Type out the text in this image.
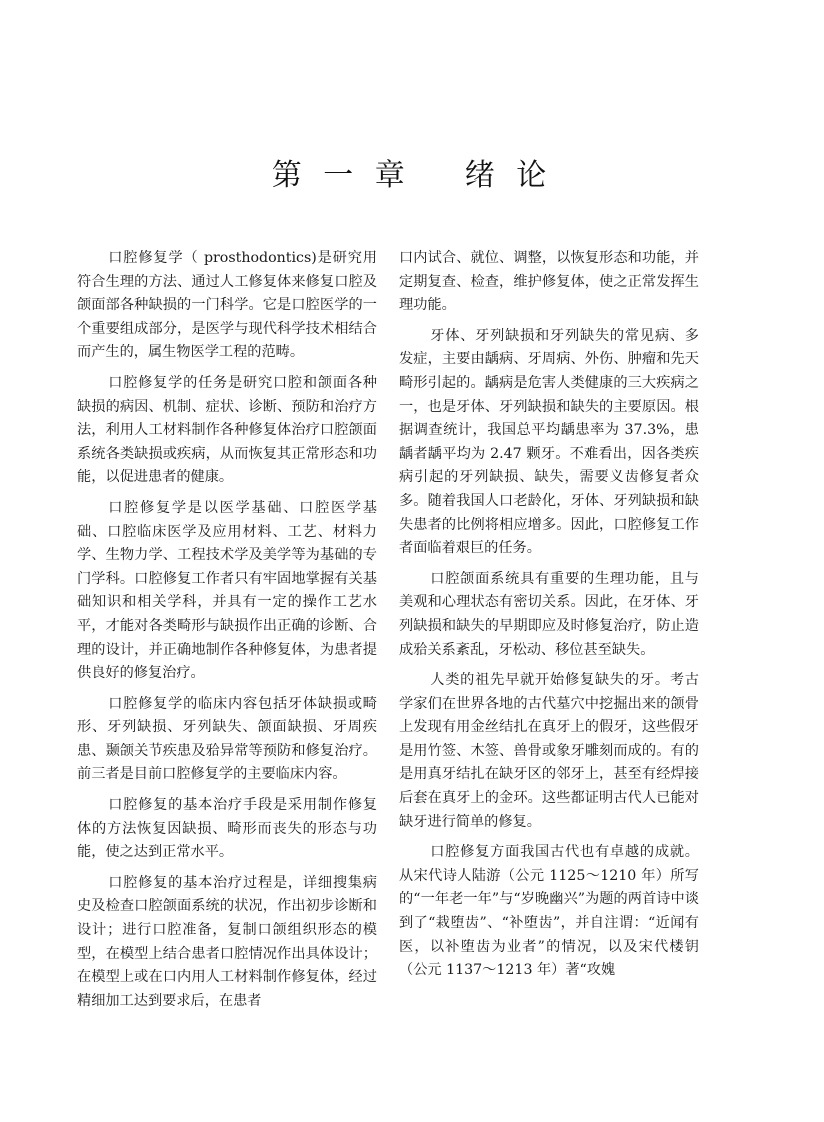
第 一 章 绪 论

口腔修复学（ prosthodontics)是研究用符合生理的方法、通过人工修复体来修复口腔及颌面部各种缺损的一门科学。它是口腔医学的一个重要组成部分，是医学与现代科学技术相结合而产生的，属生物医学工程的范畴。

口腔修复学的任务是研究口腔和颌面各种缺损的病因、机制、症状、诊断、预防和治疗方法，利用人工材料制作各种修复体治疗口腔颌面系统各类缺损或疾病，从而恢复其正常形态和功能，以促进患者的健康。

口腔修复学是以医学基础、口腔医学基础、口腔临床医学及应用材料、工艺、材料力学、生物力学、工程技术学及美学等为基础的专门学科。口腔修复工作者只有牢固地掌握有关基础知识和相关学科，并具有一定的操作工艺水平，才能对各类畸形与缺损作出正确的诊断、合理的设计，并正确地制作各种修复体，为患者提供良好的修复治疗。

口腔修复学的临床内容包括牙体缺损或畸形、牙列缺损、牙列缺失、颌面缺损、牙周疾患、颞颌关节疾患及𬌗异常等预防和修复治疗。前三者是目前口腔修复学的主要临床内容。

口腔修复的基本治疗手段是采用制作修复体的方法恢复因缺损、畸形而丧失的形态与功能，使之达到正常水平。

口腔修复的基本治疗过程是，详细搜集病史及检查口腔颌面系统的状况，作出初步诊断和设计；进行口腔准备，复制口颌组织形态的模型，在模型上结合患者口腔情况作出具体设计；在模型上或在口内用人工材料制作修复体，经过精细加工达到要求后，在患者

口内试合、就位、调整，以恢复形态和功能，并定期复查、检查，维护修复体，使之正常发挥生理功能。

牙体、牙列缺损和牙列缺失的常见病、多发症，主要由龋病、牙周病、外伤、肿瘤和先天畸形引起的。龋病是危害人类健康的三大疾病之一，也是牙体、牙列缺损和缺失的主要原因。根据调查统计，我国总平均龋患率为 37.3%，患龋者龋平均为 2.47 颗牙。不难看出，因各类疾病引起的牙列缺损、缺失，需要义齿修复者众多。随着我国人口老龄化，牙体、牙列缺损和缺失患者的比例将相应增多。因此，口腔修复工作者面临着艰巨的任务。

口腔颌面系统具有重要的生理功能，且与美观和心理状态有密切关系。因此，在牙体、牙列缺损和缺失的早期即应及时修复治疗，防止造成𬌗关系紊乱，牙松动、移位甚至缺失。

人类的祖先早就开始修复缺失的牙。考古学家们在世界各地的古代墓穴中挖掘出来的颌骨上发现有用金丝结扎在真牙上的假牙，这些假牙是用竹签、木签、兽骨或象牙雕刻而成的。有的是用真牙结扎在缺牙区的邻牙上，甚至有经焊接后套在真牙上的金环。这些都证明古代人已能对缺牙进行简单的修复。

口腔修复方面我国古代也有卓越的成就。从宋代诗人陆游（公元 1125～1210 年）所写的“一年老一年”与“岁晚幽兴”为题的两首诗中谈到了“栽堕齿”、“补堕齿”，并自注谓：“近闻有医，以补堕齿为业者”的情况，以及宋代楼钥（公元 1137～1213 年）著“攻媿
